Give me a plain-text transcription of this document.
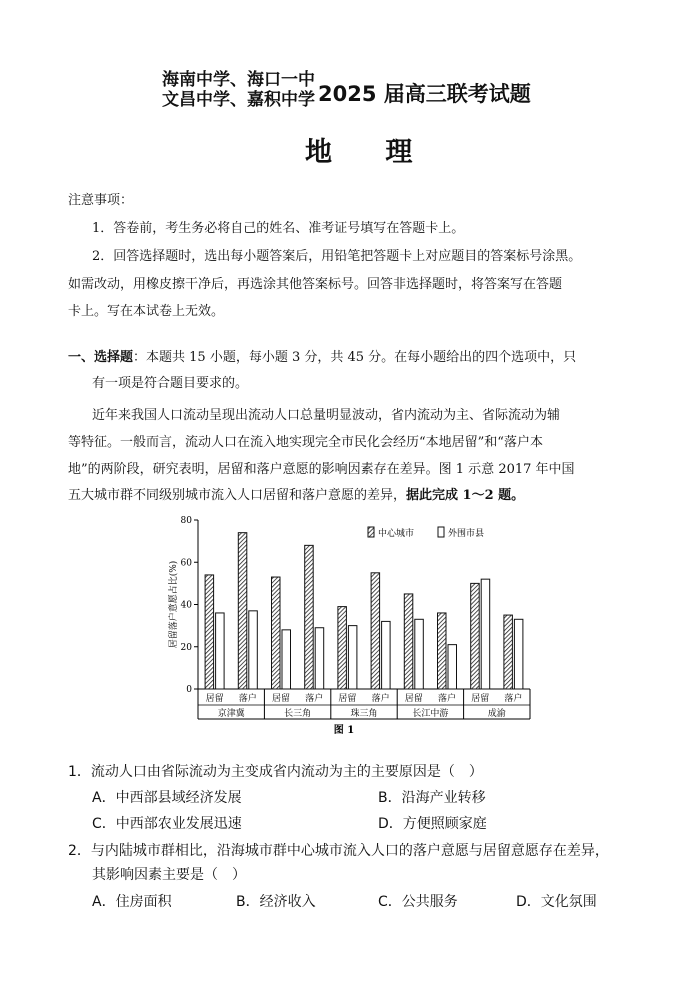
海南中学、海口一中
文昌中学、嘉积中学 2025 届高三联考试题
地 理
注意事项：
1．答卷前，考生务必将自己的姓名、准考证号填写在答题卡上。
2．回答选择题时，选出每小题答案后，用铅笔把答题卡上对应题目的答案标号涂黑。
如需改动，用橡皮擦干净后，再选涂其他答案标号。回答非选择题时，将答案写在答题
卡上。写在本试卷上无效。
一、选择题：本题共 15 小题，每小题 3 分，共 45 分。在每小题给出的四个选项中，只
有一项是符合题目要求的。
近年来我国人口流动呈现出流动人口总量明显波动，省内流动为主、省际流动为辅
等特征。一般而言，流动人口在流入地实现完全市民化会经历“本地居留”和“落户本
地”的两阶段，研究表明，居留和落户意愿的影响因素存在差异。图 1 示意 2017 年中国
五大城市群不同级别城市流入人口居留和落户意愿的差异，据此完成 1～2 题。
0
20
40
60
80
居留落户意愿占比(%)
居留 落户 居留 落户 居留 落户 居留 落户 居留 落户
京津冀	长三角	珠三角	长江中游	成渝
中心城市	外围市县
图 1
1．流动人口由省际流动为主变成省内流动为主的主要原因是（　）
A．中西部县域经济发展	B．沿海产业转移
C．中西部农业发展迅速	D．方便照顾家庭
2．与内陆城市群相比，沿海城市群中心城市流入人口的落户意愿与居留意愿存在差异，
其影响因素主要是（　）
A．住房面积	B．经济收入	C．公共服务	D．文化氛围
